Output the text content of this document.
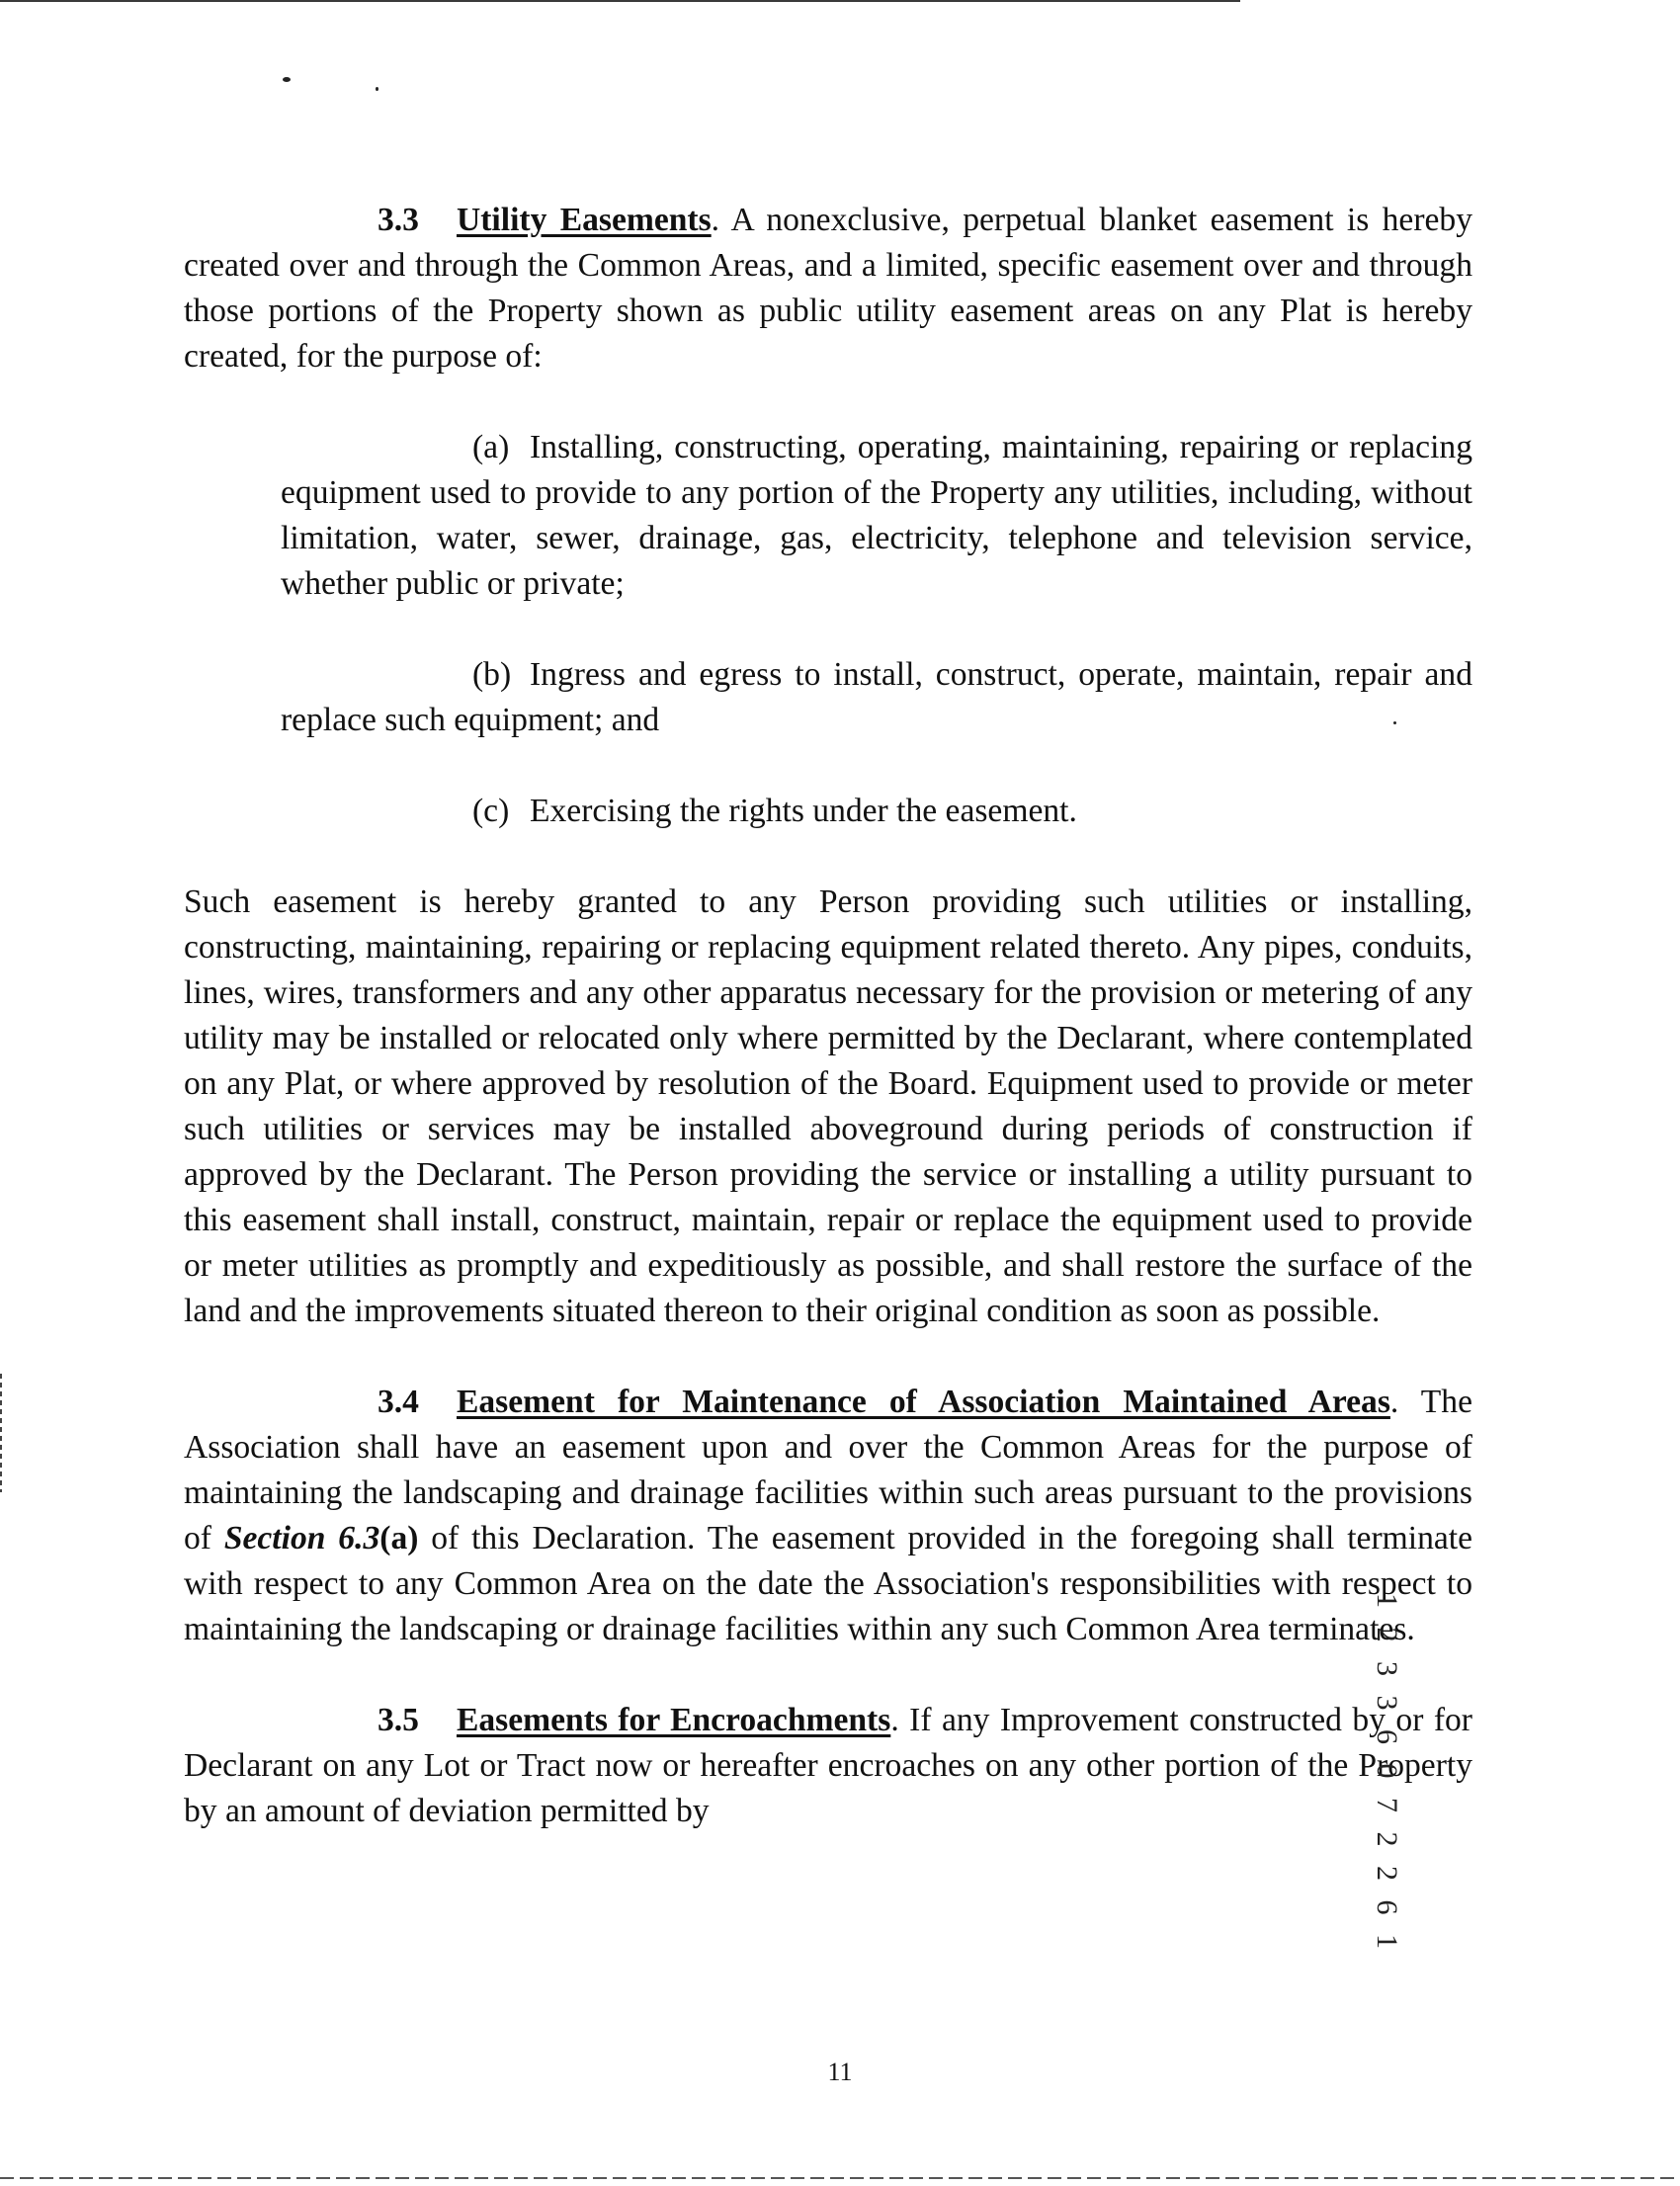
3.3 Utility Easements. A nonexclusive, perpetual blanket easement is hereby created over and through the Common Areas, and a limited, specific easement over and through those portions of the Property shown as public utility easement areas on any Plat is hereby created, for the purpose of:

(a) Installing, constructing, operating, maintaining, repairing or replacing equipment used to provide to any portion of the Property any utilities, including, without limitation, water, sewer, drainage, gas, electricity, telephone and television service, whether public or private;
(b) Ingress and egress to install, construct, operate, maintain, repair and replace such equipment; and
(c) Exercising the rights under the easement.

Such easement is hereby granted to any Person providing such utilities or installing, constructing, maintaining, repairing or replacing equipment related thereto. Any pipes, conduits, lines, wires, transformers and any other apparatus necessary for the provision or metering of any utility may be installed or relocated only where permitted by the Declarant, where contemplated on any Plat, or where approved by resolution of the Board. Equipment used to provide or meter such utilities or services may be installed aboveground during periods of construction if approved by the Declarant. The Person providing the service or installing a utility pursuant to this easement shall install, construct, maintain, repair or replace the equipment used to provide or meter utilities as promptly and expeditiously as possible, and shall restore the surface of the land and the improvements situated thereon to their original condition as soon as possible.

3.4 Easement for Maintenance of Association Maintained Areas. The Association shall have an easement upon and over the Common Areas for the purpose of maintaining the landscaping and drainage facilities within such areas pursuant to the provisions of Section 6.3(a) of this Declaration. The easement provided in the foregoing shall terminate with respect to any Common Area on the date the Association's responsibilities with respect to maintaining the landscaping or drainage facilities within any such Common Area terminates.

3.5 Easements for Encroachments. If any Improvement constructed by or for Declarant on any Lot or Tract now or hereafter encroaches on any other portion of the Property by an amount of deviation permitted by	1 2 3 3 6 0 7 2 2 6 1
11
